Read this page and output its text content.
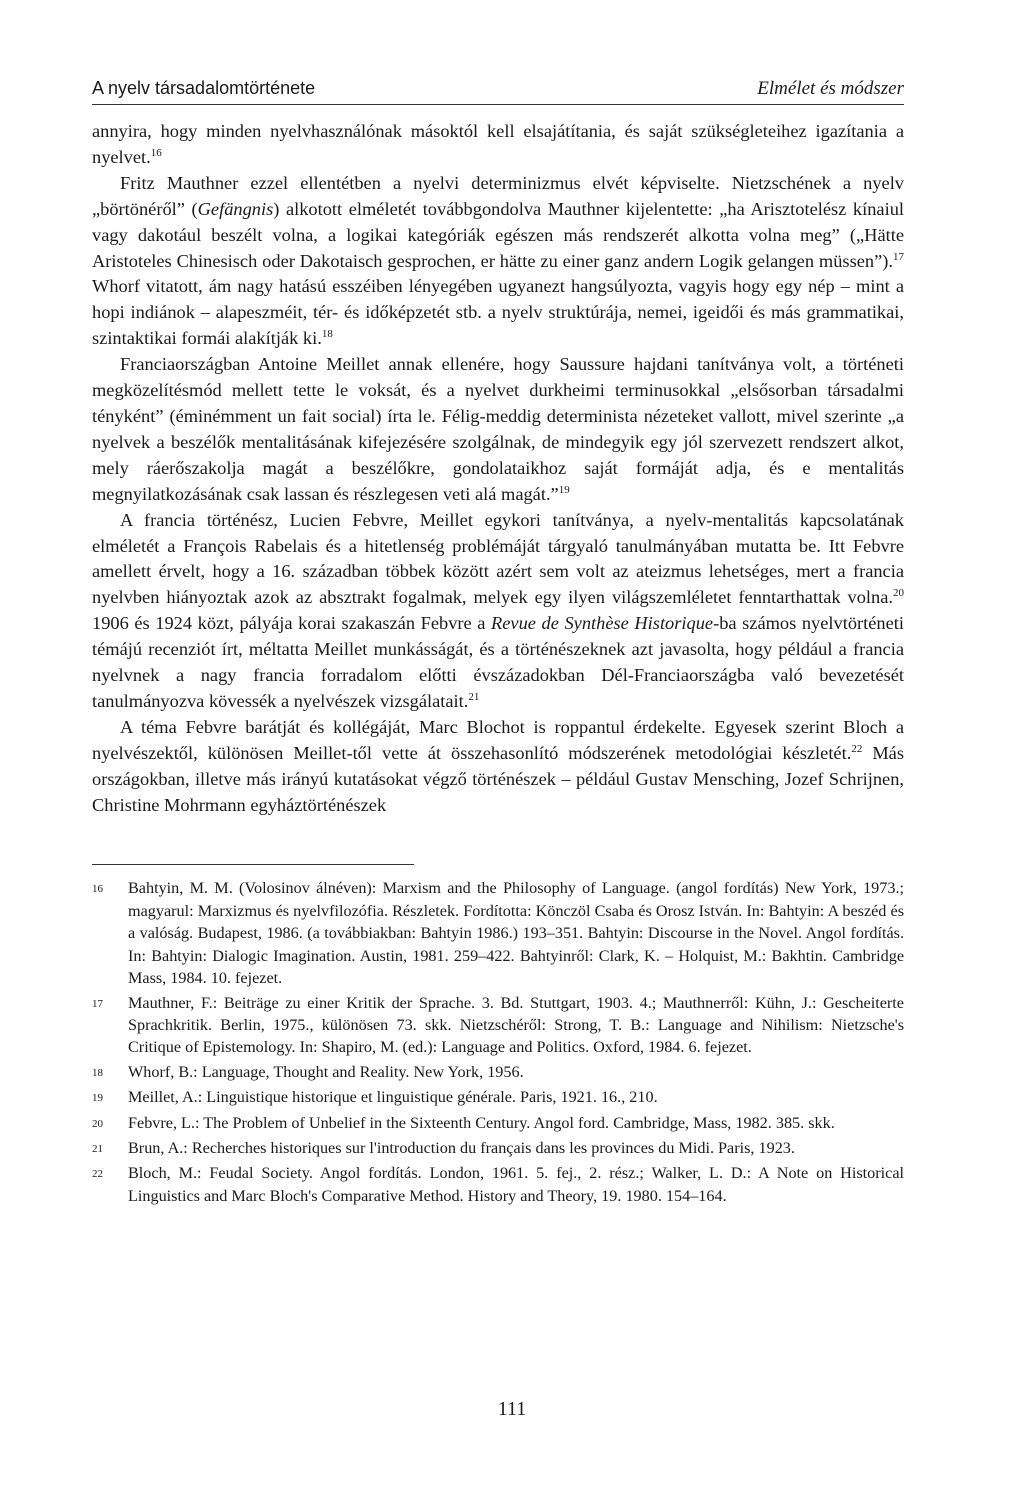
A nyelv társadalomtörténete	Elmélet és módszer

annyira, hogy minden nyelvhasználónak másoktól kell elsajátítania, és saját szükségleteihez igazítania a nyelvet.$^{16}$

Fritz Mauthner ezzel ellentétben a nyelvi determinizmus elvét képviselte. Nietzschének a nyelv „börtönéről” (Gefängnis) alkotott elméletét továbbgondolva Mauthner kijelentette: „ha Arisztotelész kínaiul vagy dakotául beszélt volna, a logikai kategóriák egészen más rendszerét alkotta volna meg” („Hätte Aristoteles Chinesisch oder Dakotaisch gesprochen, er hätte zu einer ganz andern Logik gelangen müssen”).$^{17}$ Whorf vitatott, ám nagy hatású esszéiben lényegében ugyanezt hangsúlyozta, vagyis hogy egy nép – mint a hopi indiánok – alapeszméit, tér- és időképzetét stb. a nyelv struktúrája, nemei, igeidői és más grammatikai, szintaktikai formái alakítják ki.$^{18}$

Franciaországban Antoine Meillet annak ellenére, hogy Saussure hajdani tanítványa volt, a történeti megközelítésmód mellett tette le voksát, és a nyelvet durkheimi terminusokkal „elsősorban társadalmi tényként” (éminémment un fait social) írta le. Félig-meddig determinista nézeteket vallott, mivel szerinte „a nyelvek a beszélők mentalitásának kifejezésére szolgálnak, de mindegyik egy jól szervezett rendszert alkot, mely ráerőszakolja magát a beszélőkre, gondolataikhoz saját formáját adja, és e mentalitás megnyilatkozásának csak lassan és részlegesen veti alá magát.”$^{19}$

A francia történész, Lucien Febvre, Meillet egykori tanítványa, a nyelv-mentalitás kapcsolatának elméletét a François Rabelais és a hitetlenség problémáját tárgyaló tanulmányában mutatta be. Itt Febvre amellett érvelt, hogy a 16. században többek között azért sem volt az ateizmus lehetséges, mert a francia nyelvben hiányoztak azok az absztrakt fogalmak, melyek egy ilyen világszemléletet fenntarthattak volna.$^{20}$ 1906 és 1924 közt, pályája korai szakaszán Febvre a Revue de Synthèse Historique-ba számos nyelvtörténeti témájú recenziót írt, méltatta Meillet munkásságát, és a történészeknek azt javasolta, hogy például a francia nyelvnek a nagy francia forradalom előtti évszázadokban Dél-Franciaországba való bevezetését tanulmányozva kövessék a nyelvészek vizsgálatait.$^{21}$

A téma Febvre barátját és kollégáját, Marc Blochot is roppantul érdekelte. Egyesek szerint Bloch a nyelvészektől, különösen Meillet-től vette át összehasonlító módszerének metodológiai készletét.$^{22}$ Más országokban, illetve más irányú kutatásokat végző történészek – például Gustav Mensching, Jozef Schrijnen, Christine Mohrmann egyháztörténészek

16	Bahtyin, M. M. (Volosinov álnéven): Marxism and the Philosophy of Language. (angol fordítás) New York, 1973.; magyarul: Marxizmus és nyelvfilozófia. Részletek. Fordította: Könczöl Csaba és Orosz István. In: Bahtyin: A beszéd és a valóság. Budapest, 1986. (a továbbiakban: Bahtyin 1986.) 193–351. Bahtyin: Discourse in the Novel. Angol fordítás. In: Bahtyin: Dialogic Imagination. Austin, 1981. 259–422. Bahtyinről: Clark, K. – Holquist, M.: Bakhtin. Cambridge Mass, 1984. 10. fejezet.
17	Mauthner, F.: Beiträge zu einer Kritik der Sprache. 3. Bd. Stuttgart, 1903. 4.; Mauthnerről: Kühn, J.: Gescheiterte Sprachkritik. Berlin, 1975., különösen 73. skk. Nietzschéről: Strong, T. B.: Language and Nihilism: Nietzsche's Critique of Epistemology. In: Shapiro, M. (ed.): Language and Politics. Oxford, 1984. 6. fejezet.
18	Whorf, B.: Language, Thought and Reality. New York, 1956.
19	Meillet, A.: Linguistique historique et linguistique générale. Paris, 1921. 16., 210.
20	Febvre, L.: The Problem of Unbelief in the Sixteenth Century. Angol ford. Cambridge, Mass, 1982. 385. skk.
21	Brun, A.: Recherches historiques sur l'introduction du français dans les provinces du Midi. Paris, 1923.
22	Bloch, M.: Feudal Society. Angol fordítás. London, 1961. 5. fej., 2. rész.; Walker, L. D.: A Note on Historical Linguistics and Marc Bloch's Comparative Method. History and Theory, 19. 1980. 154–164.
111
